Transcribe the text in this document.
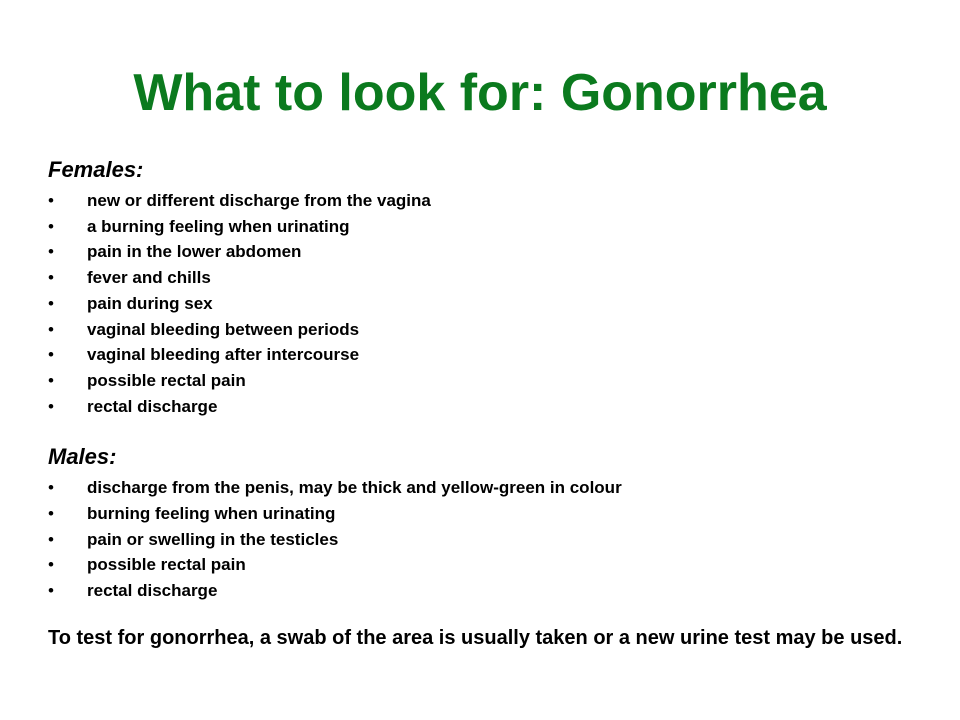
What to look for: Gonorrhea
Females:
• new or different discharge from the vagina
• a burning feeling when urinating
• pain in the lower abdomen
• fever and chills
• pain during sex
• vaginal bleeding between periods
• vaginal bleeding after intercourse
• possible rectal pain
• rectal discharge
Males:
• discharge from the penis, may be thick and yellow-green in colour
• burning feeling when urinating
• pain or swelling in the testicles
• possible rectal pain
• rectal discharge
To test for gonorrhea, a swab of the area is usually taken or a new urine test may be used.
